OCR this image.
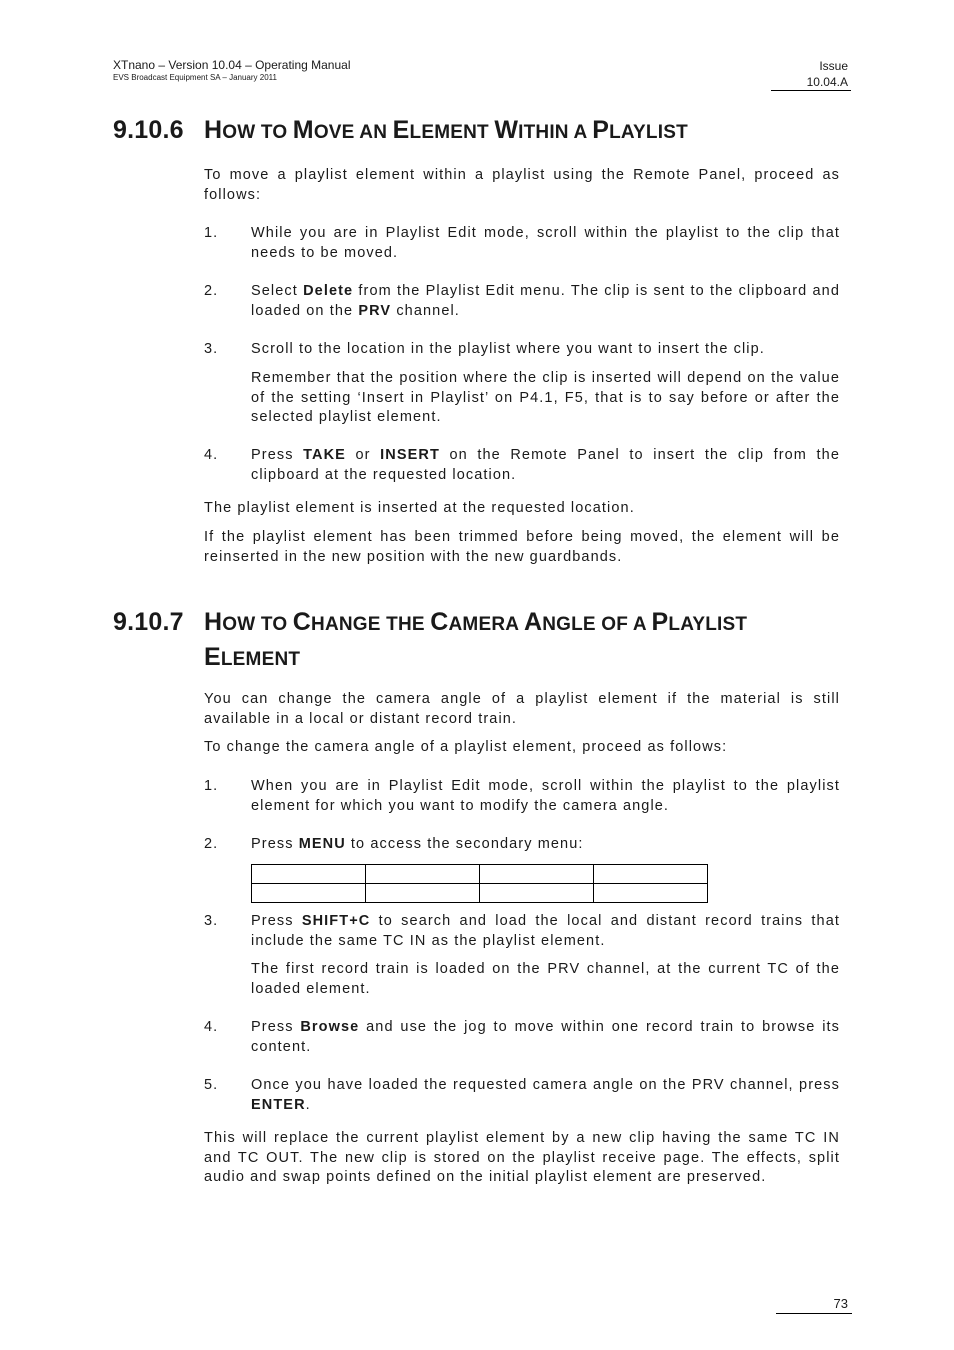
XTnano – Version 10.04 – Operating Manual
EVS Broadcast Equipment SA – January 2011
Issue
10.04.A
9.10.6 HOW TO MOVE AN ELEMENT WITHIN A PLAYLIST
To move a playlist element within a playlist using the Remote Panel, proceed as follows:
1.	While you are in Playlist Edit mode, scroll within the playlist to the clip that needs to be moved.
2.	Select Delete from the Playlist Edit menu. The clip is sent to the clipboard and loaded on the PRV channel.
3.	Scroll to the location in the playlist where you want to insert the clip.
Remember that the position where the clip is inserted will depend on the value of the setting ‘Insert in Playlist’ on P4.1, F5, that is to say before or after the selected playlist element.
4.	Press TAKE or INSERT on the Remote Panel to insert the clip from the clipboard at the requested location.
The playlist element is inserted at the requested location.
If the playlist element has been trimmed before being moved, the element will be reinserted in the new position with the new guardbands.
9.10.7 HOW TO CHANGE THE CAMERA ANGLE OF A PLAYLIST
ELEMENT
You can change the camera angle of a playlist element if the material is still available in a local or distant record train.
To change the camera angle of a playlist element, proceed as follows:
1.	When you are in Playlist Edit mode, scroll within the playlist to the playlist element for which you want to modify the camera angle.
2.	Press MENU to access the secondary menu:

3.	Press SHIFT+C to search and load the local and distant record trains that include the same TC IN as the playlist element.
The first record train is loaded on the PRV channel, at the current TC of the loaded element.
4.	Press Browse and use the jog to move within one record train to browse its content.
5.	Once you have loaded the requested camera angle on the PRV channel, press ENTER.
This will replace the current playlist element by a new clip having the same TC IN and TC OUT. The new clip is stored on the playlist receive page. The effects, split audio and swap points defined on the initial playlist element are preserved.
73
